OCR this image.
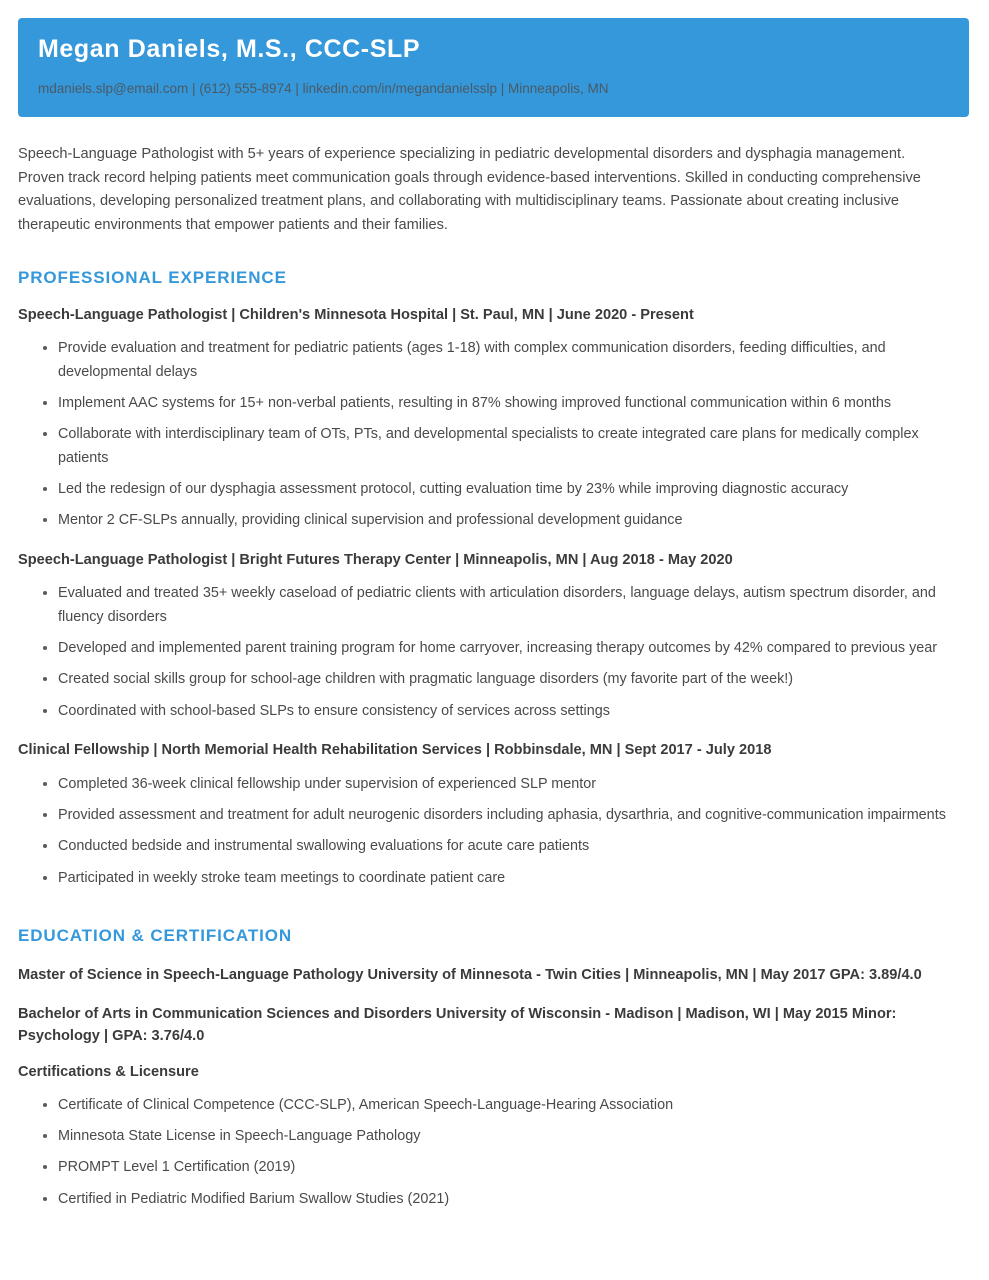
Megan Daniels, M.S., CCC-SLP

mdaniels.slp@email.com | (612) 555-8974 | linkedin.com/in/megandanielsslp | Minneapolis, MN

Speech-Language Pathologist with 5+ years of experience specializing in pediatric developmental disorders and dysphagia management. Proven track record helping patients meet communication goals through evidence-based interventions. Skilled in conducting comprehensive evaluations, developing personalized treatment plans, and collaborating with multidisciplinary teams. Passionate about creating inclusive therapeutic environments that empower patients and their families.

PROFESSIONAL EXPERIENCE
Speech-Language Pathologist | Children's Minnesota Hospital | St. Paul, MN | June 2020 - Present
Provide evaluation and treatment for pediatric patients (ages 1-18) with complex communication disorders, feeding difficulties, and developmental delays
Implement AAC systems for 15+ non-verbal patients, resulting in 87% showing improved functional communication within 6 months
Collaborate with interdisciplinary team of OTs, PTs, and developmental specialists to create integrated care plans for medically complex patients
Led the redesign of our dysphagia assessment protocol, cutting evaluation time by 23% while improving diagnostic accuracy
Mentor 2 CF-SLPs annually, providing clinical supervision and professional development guidance
Speech-Language Pathologist | Bright Futures Therapy Center | Minneapolis, MN | Aug 2018 - May 2020
Evaluated and treated 35+ weekly caseload of pediatric clients with articulation disorders, language delays, autism spectrum disorder, and fluency disorders
Developed and implemented parent training program for home carryover, increasing therapy outcomes by 42% compared to previous year
Created social skills group for school-age children with pragmatic language disorders (my favorite part of the week!)
Coordinated with school-based SLPs to ensure consistency of services across settings
Clinical Fellowship | North Memorial Health Rehabilitation Services | Robbinsdale, MN | Sept 2017 - July 2018
Completed 36-week clinical fellowship under supervision of experienced SLP mentor
Provided assessment and treatment for adult neurogenic disorders including aphasia, dysarthria, and cognitive-communication impairments
Conducted bedside and instrumental swallowing evaluations for acute care patients
Participated in weekly stroke team meetings to coordinate patient care
EDUCATION & CERTIFICATION
Master of Science in Speech-Language Pathology University of Minnesota - Twin Cities | Minneapolis, MN | May 2017 GPA: 3.89/4.0
Bachelor of Arts in Communication Sciences and Disorders University of Wisconsin - Madison | Madison, WI | May 2015 Minor: Psychology | GPA: 3.76/4.0
Certifications & Licensure
Certificate of Clinical Competence (CCC-SLP), American Speech-Language-Hearing Association
Minnesota State License in Speech-Language Pathology
PROMPT Level 1 Certification (2019)
Certified in Pediatric Modified Barium Swallow Studies (2021)
